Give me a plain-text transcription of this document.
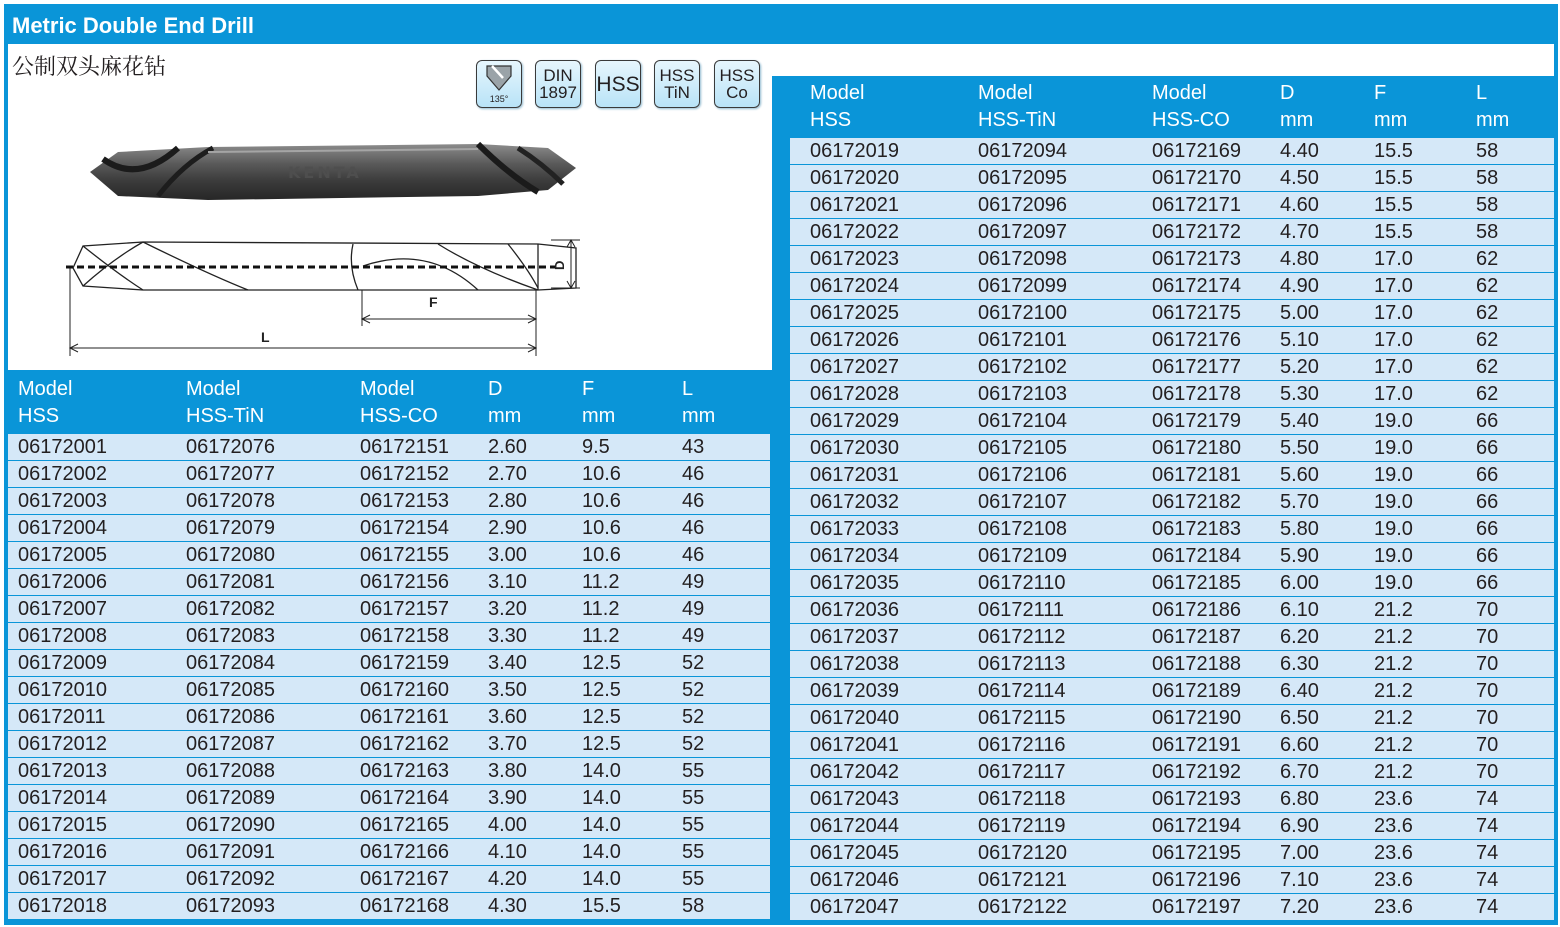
Metric Double End Drill
公制双头麻花钻
135°
DIN
1897 HSS HSS
TiN
HSS
Co
KENTA
D
F
L
Model
HSS
Model
HSS-TiN
Model
HSS-CO
D
mm
F
mm
L
mm
06172001	06172076	06172151 2.60	9.5	43
06172002	06172077	06172152 2.70	10.6	46
06172003	06172078	06172153 2.80	10.6	46
06172004	06172079	06172154 2.90	10.6	46
06172005	06172080	06172155 3.00	10.6	46
06172006	06172081	06172156 3.10	11.2	49
06172007	06172082	06172157 3.20	11.2	49
06172008	06172083	06172158 3.30	11.2	49
06172009	06172084	06172159 3.40	12.5	52
06172010	06172085	06172160 3.50	12.5	52
06172011	06172086	06172161 3.60	12.5	52
06172012	06172087	06172162 3.70	12.5	52
06172013	06172088	06172163 3.80	14.0	55
06172014	06172089	06172164 3.90	14.0	55
06172015	06172090	06172165 4.00	14.0	55
06172016	06172091	06172166 4.10	14.0	55
06172017	06172092	06172167 4.20	14.0	55
06172018	06172093	06172168 4.30	15.5	58
Model
HSS
Model
HSS-TiN
Model
HSS-CO
D
mm
F
mm
L
mm
06172019	06172094	06172169 4.40	15.5	58
06172020	06172095	06172170 4.50	15.5	58
06172021	06172096	06172171 4.60	15.5	58
06172022	06172097	06172172 4.70	15.5	58
06172023	06172098	06172173 4.80	17.0	62
06172024	06172099	06172174 4.90	17.0	62
06172025	06172100	06172175 5.00	17.0	62
06172026	06172101	06172176 5.10	17.0	62
06172027	06172102	06172177 5.20	17.0	62
06172028	06172103	06172178 5.30	17.0	62
06172029	06172104	06172179 5.40	19.0	66
06172030	06172105	06172180 5.50	19.0	66
06172031	06172106	06172181 5.60	19.0	66
06172032	06172107	06172182 5.70	19.0	66
06172033	06172108	06172183 5.80	19.0	66
06172034	06172109	06172184 5.90	19.0	66
06172035	06172110	06172185 6.00	19.0	66
06172036	06172111	06172186 6.10	21.2	70
06172037	06172112	06172187 6.20	21.2	70
06172038	06172113	06172188 6.30	21.2	70
06172039	06172114	06172189 6.40	21.2	70
06172040	06172115	06172190 6.50	21.2	70
06172041	06172116	06172191 6.60	21.2	70
06172042	06172117	06172192 6.70	21.2	70
06172043	06172118	06172193 6.80	23.6	74
06172044	06172119	06172194 6.90	23.6	74
06172045	06172120	06172195 7.00	23.6	74
06172046	06172121	06172196 7.10	23.6	74
06172047	06172122	06172197 7.20	23.6	74
